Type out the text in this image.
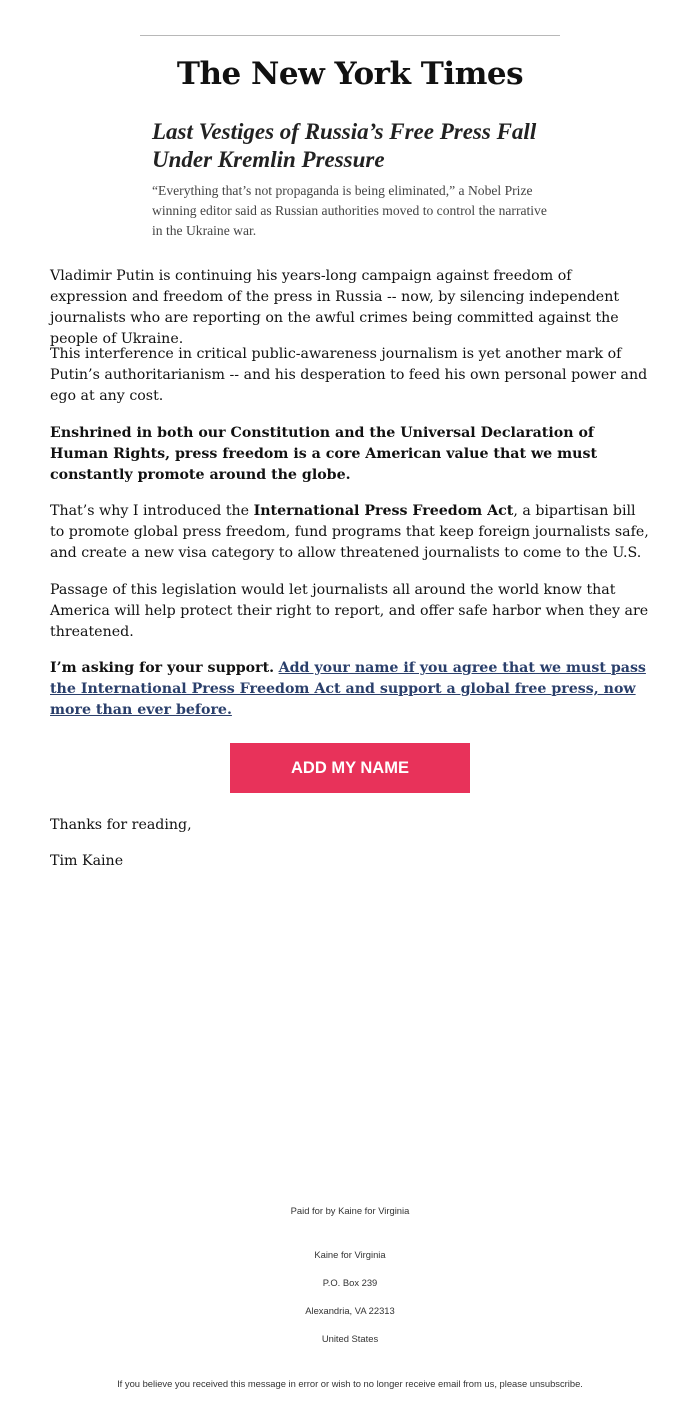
The New York Times
Last Vestiges of Russia’s Free Press Fall Under Kremlin Pressure
“Everything that’s not propaganda is being eliminated,” a Nobel Prize winning editor said as Russian authorities moved to control the narrative in the Ukraine war.

Vladimir Putin is continuing his years-long campaign against freedom of expression and freedom of the press in Russia -- now, by silencing independent journalists who are reporting on the awful crimes being committed against the people of Ukraine.

This interference in critical public-awareness journalism is yet another mark of Putin’s authoritarianism -- and his desperation to feed his own personal power and ego at any cost.

Enshrined in both our Constitution and the Universal Declaration of Human Rights, press freedom is a core American value that we must constantly promote around the globe.

That’s why I introduced the International Press Freedom Act, a bipartisan bill to promote global press freedom, fund programs that keep foreign journalists safe, and create a new visa category to allow threatened journalists to come to the U.S.

Passage of this legislation would let journalists all around the world know that America will help protect their right to report, and offer safe harbor when they are threatened.

I’m asking for your support. Add your name if you agree that we must pass the International Press Freedom Act and support a global free press, now more than ever before.

ADD MY NAME

Thanks for reading,

Tim Kaine

Paid for by Kaine for Virginia
Kaine for Virginia
P.O. Box 239
Alexandria, VA 22313
United States
If you believe you received this message in error or wish to no longer receive email from us, please unsubscribe.
